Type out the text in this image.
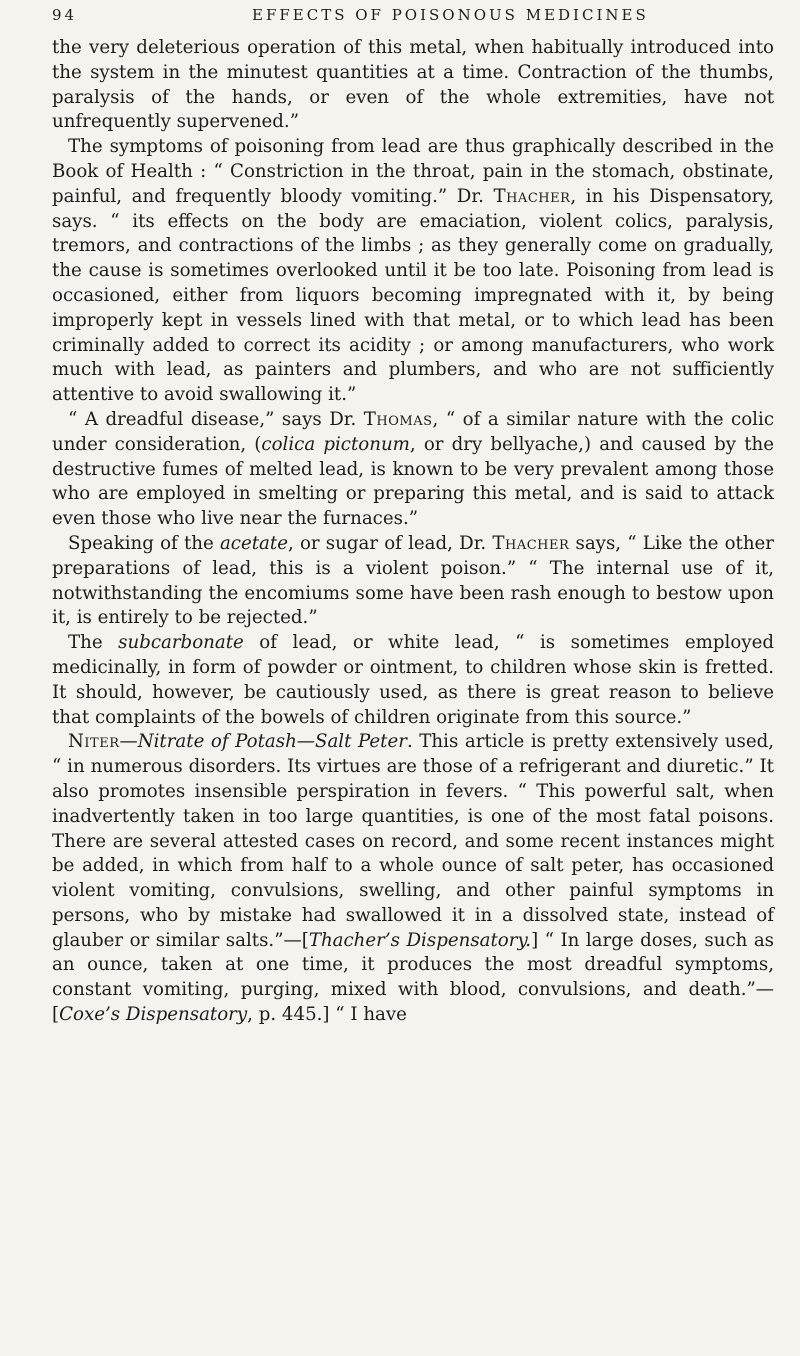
94	EFFECTS OF POISONOUS MEDICINES

the very deleterious operation of this metal, when habitually introduced into the system in the minutest quantities at a time. Contraction of the thumbs, paralysis of the hands, or even of the whole extremities, have not unfrequently supervened.”

The symptoms of poisoning from lead are thus graphically described in the Book of Health : “ Constriction in the throat, pain in the stomach, obstinate, painful, and frequently bloody vomiting.” Dr. Thacher, in his Dispensatory, says. “ its effects on the body are emaciation, violent colics, paralysis, tremors, and contractions of the limbs ; as they generally come on gradually, the cause is sometimes overlooked until it be too late. Poisoning from lead is occasioned, either from liquors becoming impregnated with it, by being improperly kept in vessels lined with that metal, or to which lead has been criminally added to correct its acidity ; or among manufacturers, who work much with lead, as painters and plumbers, and who are not sufficiently attentive to avoid swallowing it.”

“ A dreadful disease,” says Dr. Thomas, “ of a similar nature with the colic under consideration, (colica pictonum, or dry bellyache,) and caused by the destructive fumes of melted lead, is known to be very prevalent among those who are employed in smelting or preparing this metal, and is said to attack even those who live near the furnaces.”

Speaking of the acetate, or sugar of lead, Dr. Thacher says, “ Like the other preparations of lead, this is a violent poison.” “ The internal use of it, notwithstanding the encomiums some have been rash enough to bestow upon it, is entirely to be rejected.”

The subcarbonate of lead, or white lead, “ is sometimes employed medicinally, in form of powder or ointment, to children whose skin is fretted. It should, however, be cautiously used, as there is great reason to believe that complaints of the bowels of children originate from this source.”

Niter—Nitrate of Potash—Salt Peter. This article is pretty extensively used, “ in numerous disorders. Its virtues are those of a refrigerant and diuretic.” It also promotes insensible perspiration in fevers. “ This powerful salt, when inadvertently taken in too large quantities, is one of the most fatal poisons. There are several attested cases on record, and some recent instances might be added, in which from half to a whole ounce of salt peter, has occasioned violent vomiting, convulsions, swelling, and other painful symptoms in persons, who by mistake had swallowed it in a dissolved state, instead of glauber or similar salts.”—[Thacher’s Dispensatory.] “ In large doses, such as an ounce, taken at one time, it produces the most dreadful symptoms, constant vomiting, purging, mixed with blood, convulsions, and death.”—[Coxe’s Dispensatory, p. 445.] “ I have
